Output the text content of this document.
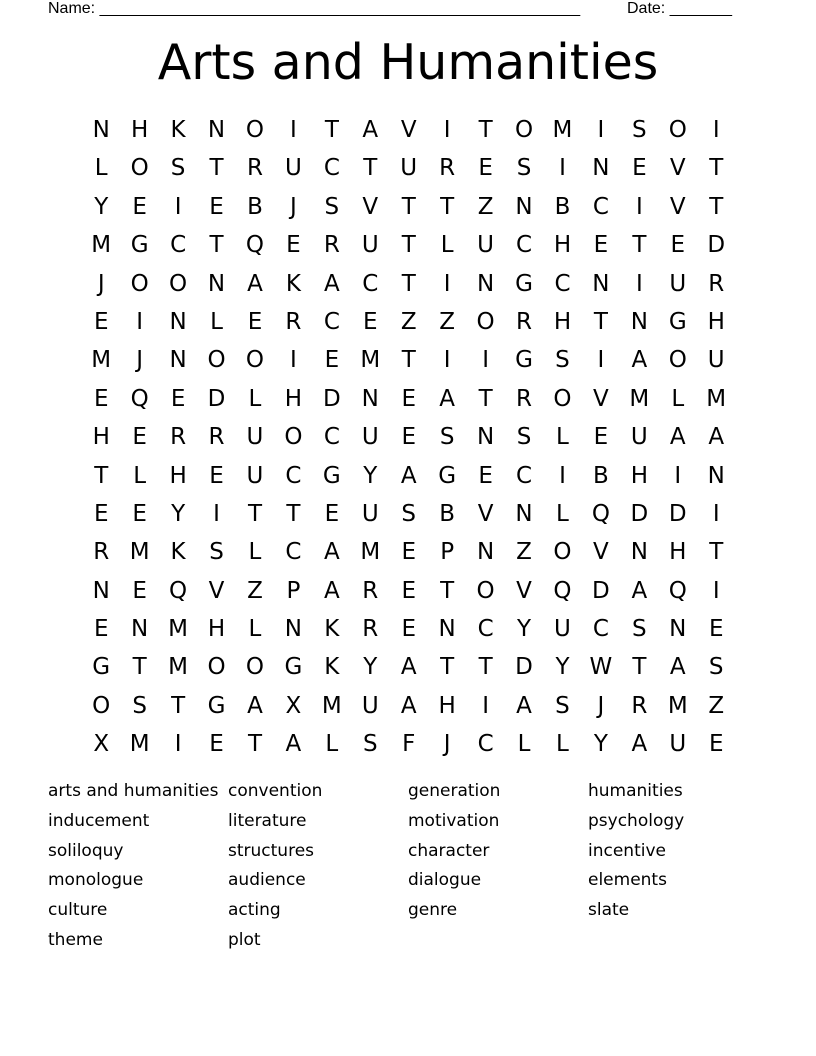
Name: ______________________________________________________	Date: _______
Arts and Humanities
N H K N O I T A V I T O M I S O I
L O S T R U C T U R E S I N E V T
Y E I E B J S V T T Z N B C I V T
M G C T Q E R U T L U C H E T E D
J O O N A K A C T I N G C N I U R
E I N L E R C E Z Z O R H T N G H
M J N O O I E M T I I G S I A O U
E Q E D L H D N E A T R O V M L M
H E R R U O C U E S N S L E U A A
T L H E U C G Y A G E C I B H I N
E E Y I T T E U S B V N L Q D D I
R M K S L C A M E P N Z O V N H T
N E Q V Z P A R E T O V Q D A Q I
E N M H L N K R E N C Y U C S N E
G T M O O G K Y A T T D Y W T A S
O S T G A X M U A H I A S J R M Z
X M I E T A L S F J C L L Y A U E
arts and humanities
inducement
soliloquy
monologue
culture
theme
convention
literature
structures
audience
acting
plot
generation
motivation
character
dialogue
genre
humanities
psychology
incentive
elements
slate
